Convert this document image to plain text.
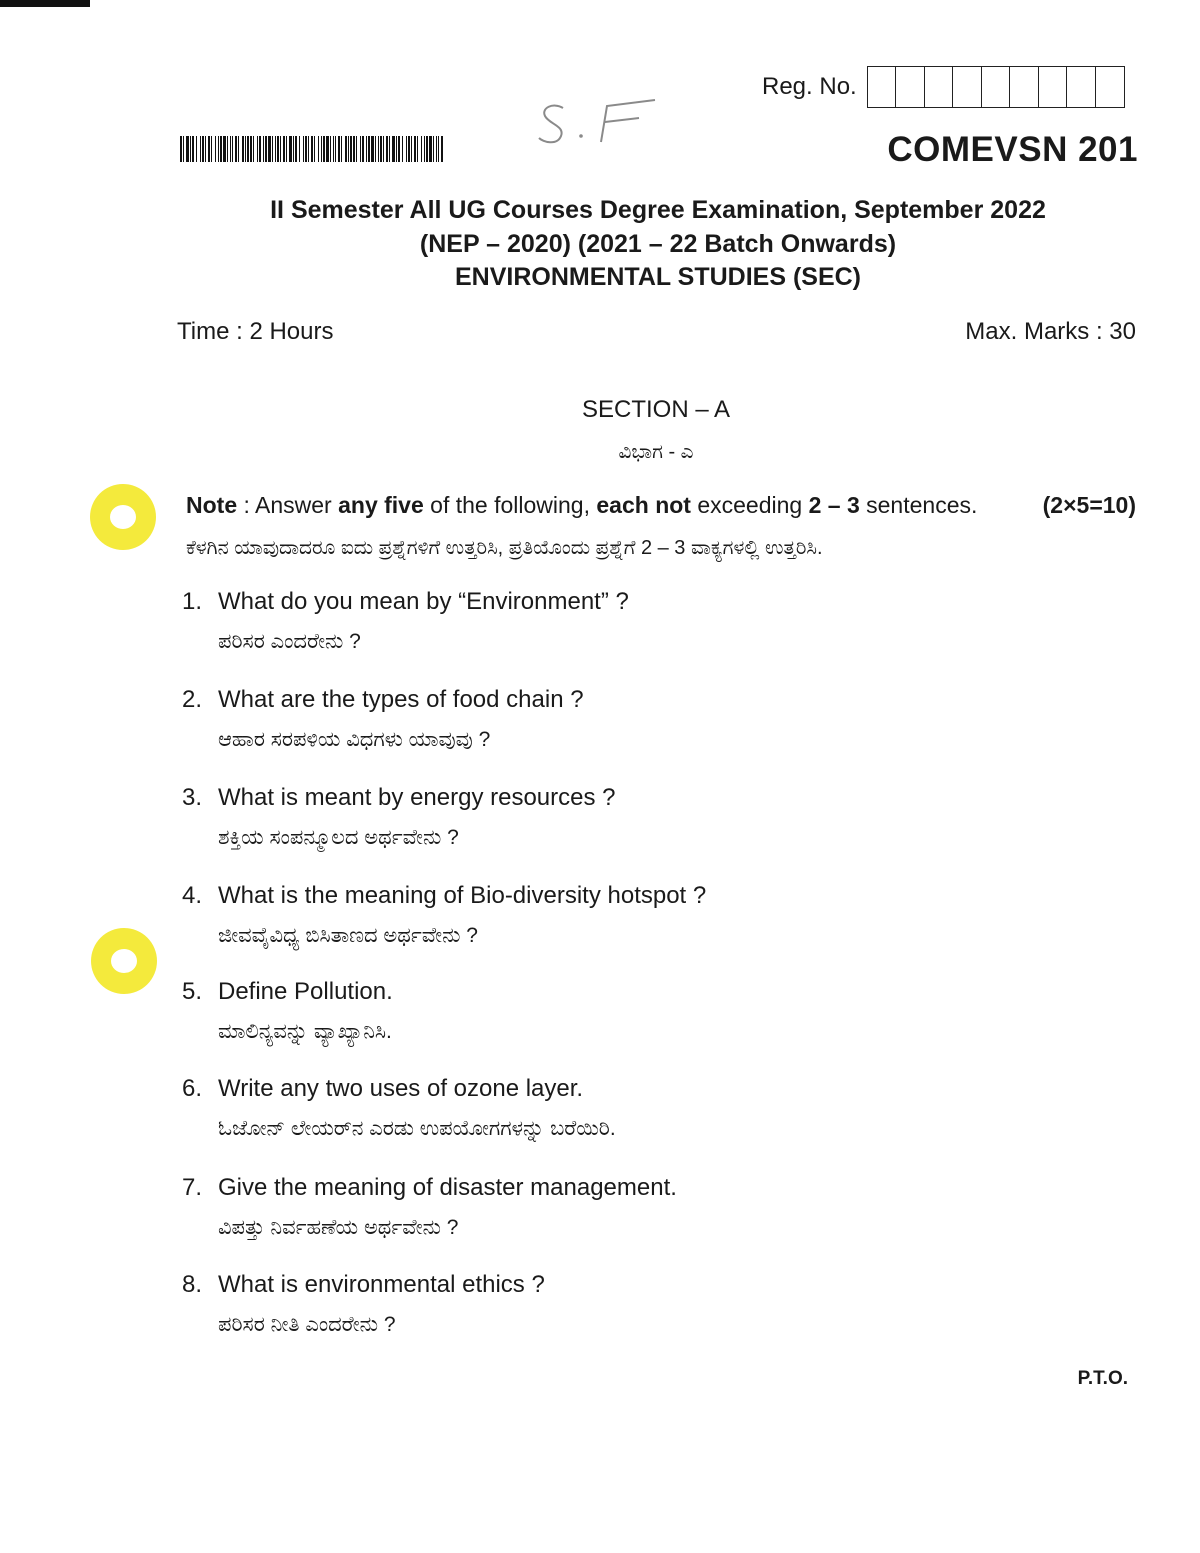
Reg. No.
COMEVSN 201
II Semester All UG Courses Degree Examination, September 2022
(NEP – 2020) (2021 – 22 Batch Onwards)
ENVIRONMENTAL STUDIES (SEC)
Time : 2 Hours	Max. Marks : 30
SECTION – A
ವಿಭಾಗ - ಎ
Note : Answer any five of the following, each not exceeding 2 – 3 sentences.	(2×5=10)
ಕೆಳಗಿನ ಯಾವುದಾದರೂ ಐದು ಪ್ರಶ್ನೆಗಳಿಗೆ ಉತ್ತರಿಸಿ, ಪ್ರತಿಯೊಂದು ಪ್ರಶ್ನೆಗೆ 2 – 3 ವಾಕ್ಯಗಳಲ್ಲಿ ಉತ್ತರಿಸಿ.
1. What do you mean by “Environment” ?
ಪರಿಸರ ಎಂದರೇನು ?
2. What are the types of food chain ?
ಆಹಾರ ಸರಪಳಿಯ ವಿಧಗಳು ಯಾವುವು ?
3. What is meant by energy resources ?
ಶಕ್ತಿಯ ಸಂಪನ್ಮೂಲದ ಅರ್ಥವೇನು ?
4. What is the meaning of Bio-diversity hotspot ?
ಜೀವವೈವಿಧ್ಯ ಬಿಸಿತಾಣದ ಅರ್ಥವೇನು ?
5. Define Pollution.
ಮಾಲಿನ್ಯವನ್ನು ವ್ಯಾಖ್ಯಾನಿಸಿ.
6. Write any two uses of ozone layer.
ಓಜೋನ್ ಲೇಯರ್‌ನ ಎರಡು ಉಪಯೋಗಗಳನ್ನು ಬರೆಯಿರಿ.
7. Give the meaning of disaster management.
ವಿಪತ್ತು ನಿರ್ವಹಣೆಯ ಅರ್ಥವೇನು ?
8. What is environmental ethics ?
ಪರಿಸರ ನೀತಿ ಎಂದರೇನು ?
P.T.O.
